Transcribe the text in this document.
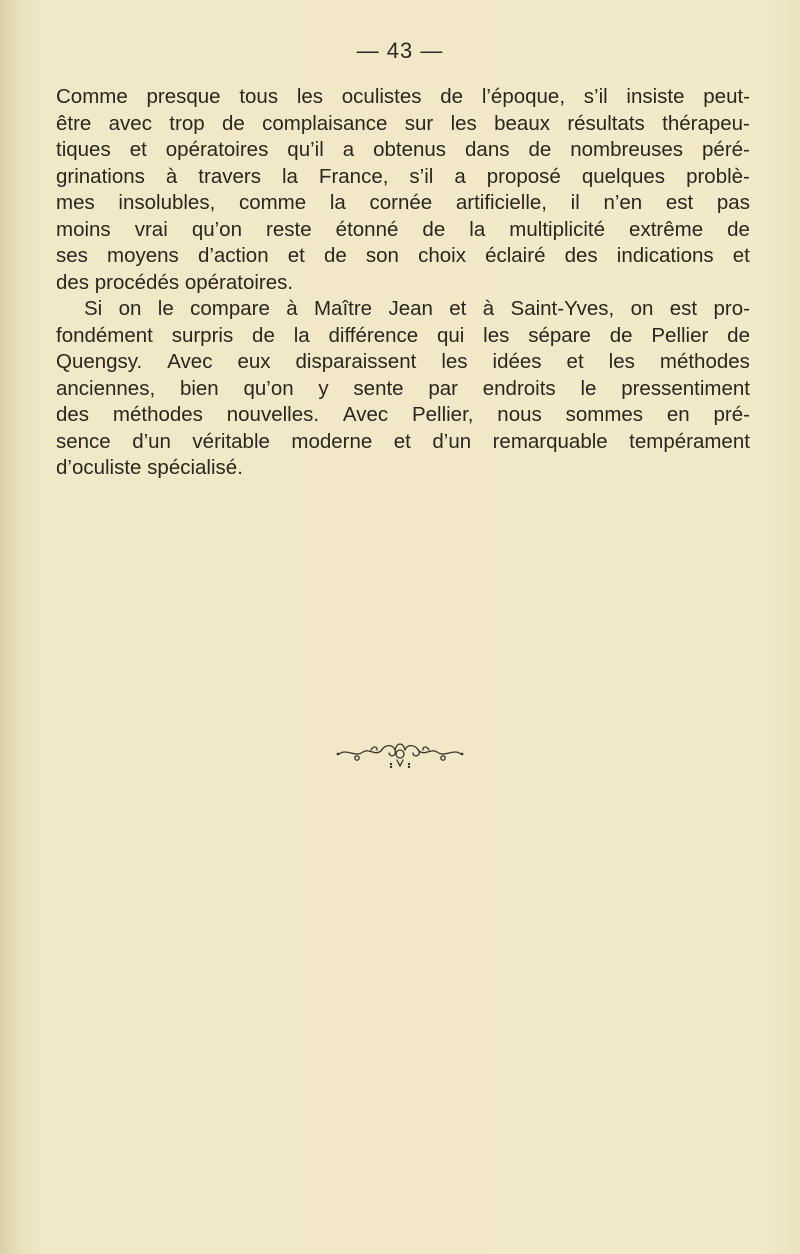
— 43 —
Comme presque tous les oculistes de l’époque, s’il insiste peut-
être avec trop de complaisance sur les beaux résultats thérapeu-
tiques et opératoires qu’il a obtenus dans de nombreuses péré-
grinations à travers la France, s’il a proposé quelques problè-
mes insolubles, comme la cornée artificielle, il n’en est pas
moins vrai qu’on reste étonné de la multiplicité extrême de
ses moyens d’action et de son choix éclairé des indications et
des
procédés
opératoires.
Si on le compare à Maître Jean et à Saint-Yves, on est pro-
fondément surpris de la différence qui les sépare de Pellier de
Quengsy. Avec eux disparaissent les idées et les méthodes
anciennes, bien qu’on y sente par endroits le pressentiment
des méthodes nouvelles. Avec Pellier, nous sommes en pré-
sence d’un véritable moderne et d’un remarquable tempérament
d’oculiste
spécialisé.
